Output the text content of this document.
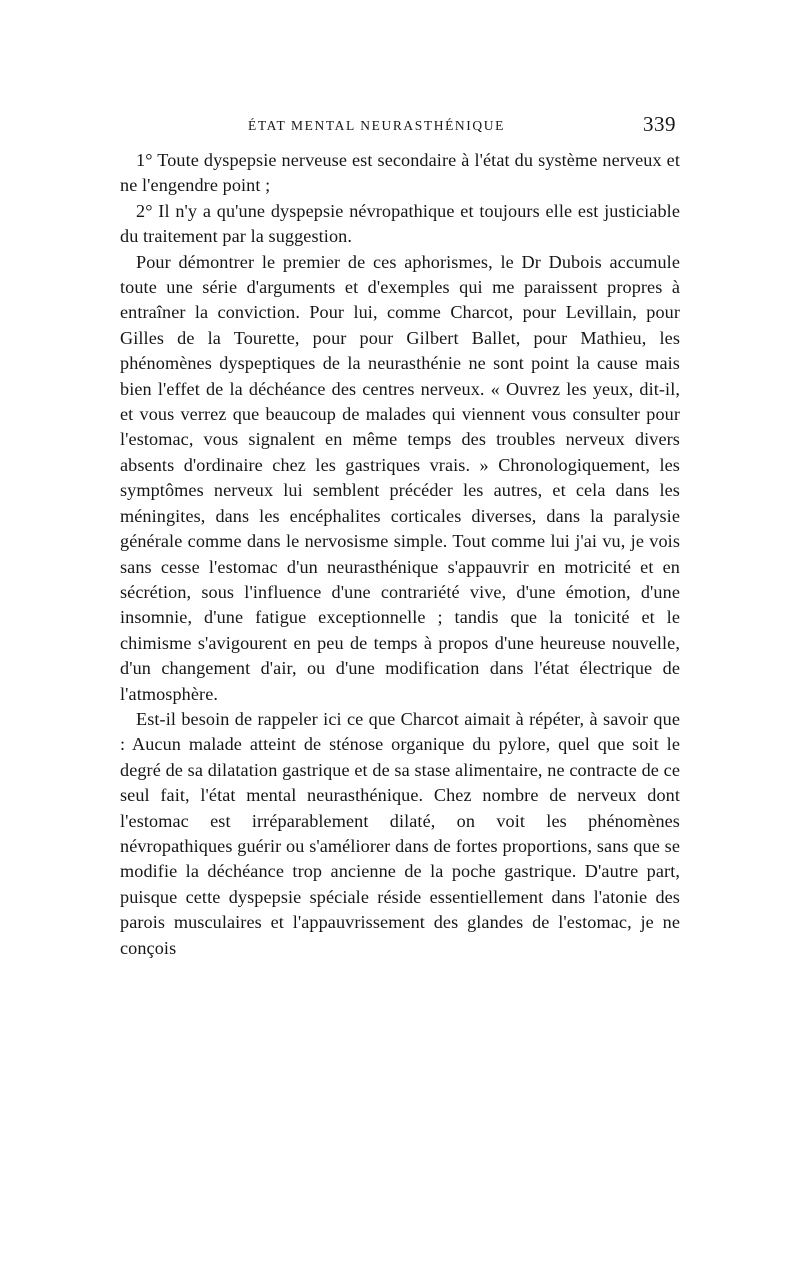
ÉTAT MENTAL NEURASTHÉNIQUE	339

1° Toute dyspepsie nerveuse est secondaire à l'état du système nerveux et ne l'engendre point ;

2° Il n'y a qu'une dyspepsie névropathique et toujours elle est justiciable du traitement par la suggestion.

Pour démontrer le premier de ces aphorismes, le Dr Dubois accumule toute une série d'arguments et d'exemples qui me paraissent propres à entraîner la conviction. Pour lui, comme Charcot, pour Levillain, pour Gilles de la Tourette, pour pour Gilbert Ballet, pour Mathieu, les phénomènes dyspeptiques de la neurasthénie ne sont point la cause mais bien l'effet de la déchéance des centres nerveux. « Ouvrez les yeux, dit-il, et vous verrez que beaucoup de malades qui viennent vous consulter pour l'estomac, vous signalent en même temps des troubles nerveux divers absents d'ordinaire chez les gastriques vrais. » Chronologiquement, les symptômes nerveux lui semblent précéder les autres, et cela dans les méningites, dans les encéphalites corticales diverses, dans la paralysie générale comme dans le nervosisme simple. Tout comme lui j'ai vu, je vois sans cesse l'estomac d'un neurasthénique s'appauvrir en motricité et en sécrétion, sous l'influence d'une contrariété vive, d'une émotion, d'une insomnie, d'une fatigue exceptionnelle ; tandis que la tonicité et le chimisme s'avigourent en peu de temps à propos d'une heureuse nouvelle, d'un changement d'air, ou d'une modification dans l'état électrique de l'atmosphère.

Est-il besoin de rappeler ici ce que Charcot aimait à répéter, à savoir que : Aucun malade atteint de sténose organique du pylore, quel que soit le degré de sa dilatation gastrique et de sa stase alimentaire, ne contracte de ce seul fait, l'état mental neurasthénique. Chez nombre de nerveux dont l'estomac est irréparablement dilaté, on voit les phénomènes névropathiques guérir ou s'améliorer dans de fortes proportions, sans que se modifie la déchéance trop ancienne de la poche gastrique. D'autre part, puisque cette dyspepsie spéciale réside essentiellement dans l'atonie des parois musculaires et l'appauvrissement des glandes de l'estomac, je ne conçois
